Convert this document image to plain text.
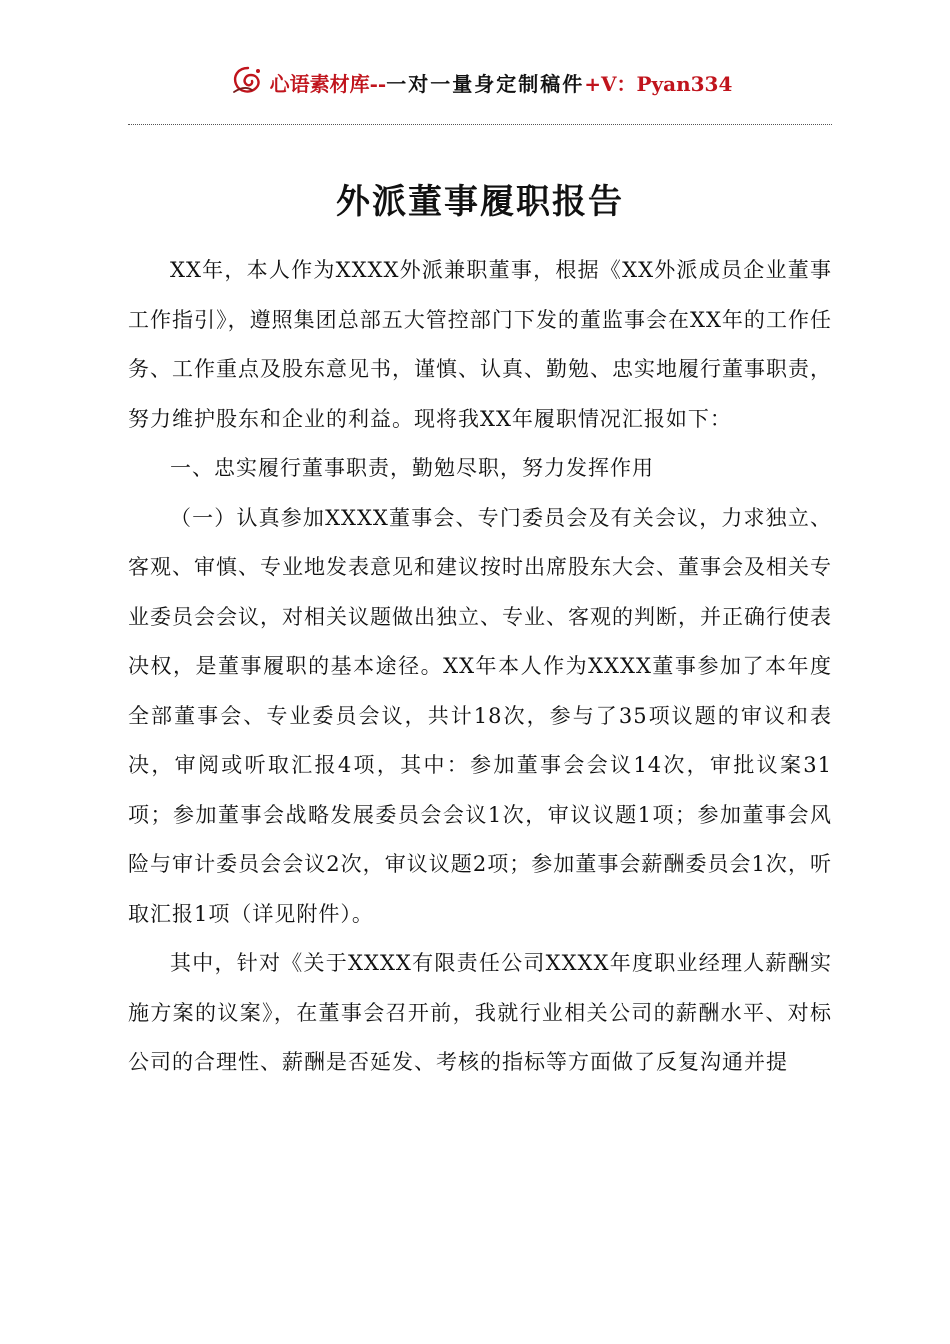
心语素材库 -- 一对一量身定制稿件 +V：Pyan334
外派董事履职报告

XX年，本人作为XXXX外派兼职董事，根据《XX外派成员企业董事工作指引》，遵照集团总部五大管控部门下发的董监事会在XX年的工作任务、工作重点及股东意见书，谨慎、认真、勤勉、忠实地履行董事职责，努力维护股东和企业的利益。现将我XX年履职情况汇报如下：

一、忠实履行董事职责，勤勉尽职，努力发挥作用

（一）认真参加XXXX董事会、专门委员会及有关会议，力求独立、客观、审慎、专业地发表意见和建议按时出席股东大会、董事会及相关专业委员会会议，对相关议题做出独立、专业、客观的判断，并正确行使表决权，是董事履职的基本途径。XX年本人作为XXXX董事参加了本年度全部董事会、专业委员会议，共计18次，参与了35项议题的审议和表决，审阅或听取汇报4项，其中：参加董事会会议14次，审批议案31项；参加董事会战略发展委员会会议1次，审议议题1项；参加董事会风险与审计委员会会议2次，审议议题2项；参加董事会薪酬委员会1次，听取汇报1项（详见附件）。

其中，针对《关于XXXX有限责任公司XXXX年度职业经理人薪酬实施方案的议案》，在董事会召开前，我就行业相关公司的薪酬水平、对标公司的合理性、薪酬是否延发、考核的指标等方面做了反复沟通并提
